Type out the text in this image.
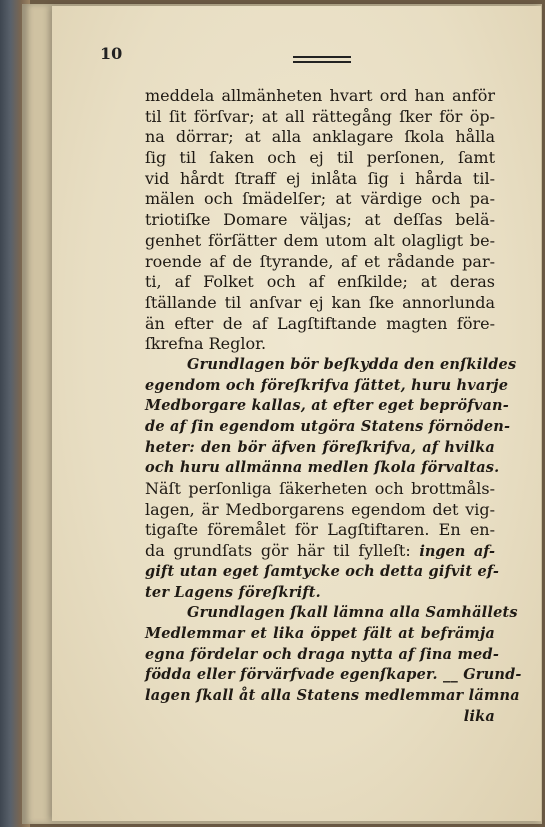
10
meddela allmänheten hvart ord han anför
til ſit förſvar; at all rättegång ſker för öp-
na dörrar; at alla anklagare ſkola hålla
ſig til ſaken och ej til perſonen, ſamt
vid hårdt ſtraff ej inlåta ſig i hårda til-
mälen och ſmädelſer; at värdige och pa-
triotiſke Domare väljas; at deſſas belä-
genhet förſätter dem utom alt olagligt be-
roende af de ſtyrande, af et rådande par-
ti, af Folket och af enſkilde; at deras
ſtällande til anſvar ej kan ſke annorlunda
än efter de af Lagſtiftande magten före-
ſkrefna Reglor.
Grundlagen bör beſkydda den enſkildes
egendom och föreſkrifva ſättet, huru hvarje
Medborgare kallas, at efter eget bepröfvan-
de af ſin egendom utgöra Statens förnöden-
heter: den bör äfven föreſkrifva, af hvilka
och huru allmänna medlen ſkola förvaltas.
Näſt perſonliga ſäkerheten och brottmåls-
lagen, är Medborgarens egendom det vig-
tigaſte föremålet för Lagſtiftaren. En en-
da grundſats gör här til fylleſt: ingen af-
gift utan eget ſamtycke och detta gifvit ef-
ter Lagens föreſkrift.
Grundlagen ſkall lämna alla Samhällets
Medlemmar et lika öppet fält at befrämja
egna fördelar och draga nytta af ſina med-
födda eller förvärfvade egenſkaper. __ Grund-
lagen ſkall åt alla Statens medlemmar lämna
lika
